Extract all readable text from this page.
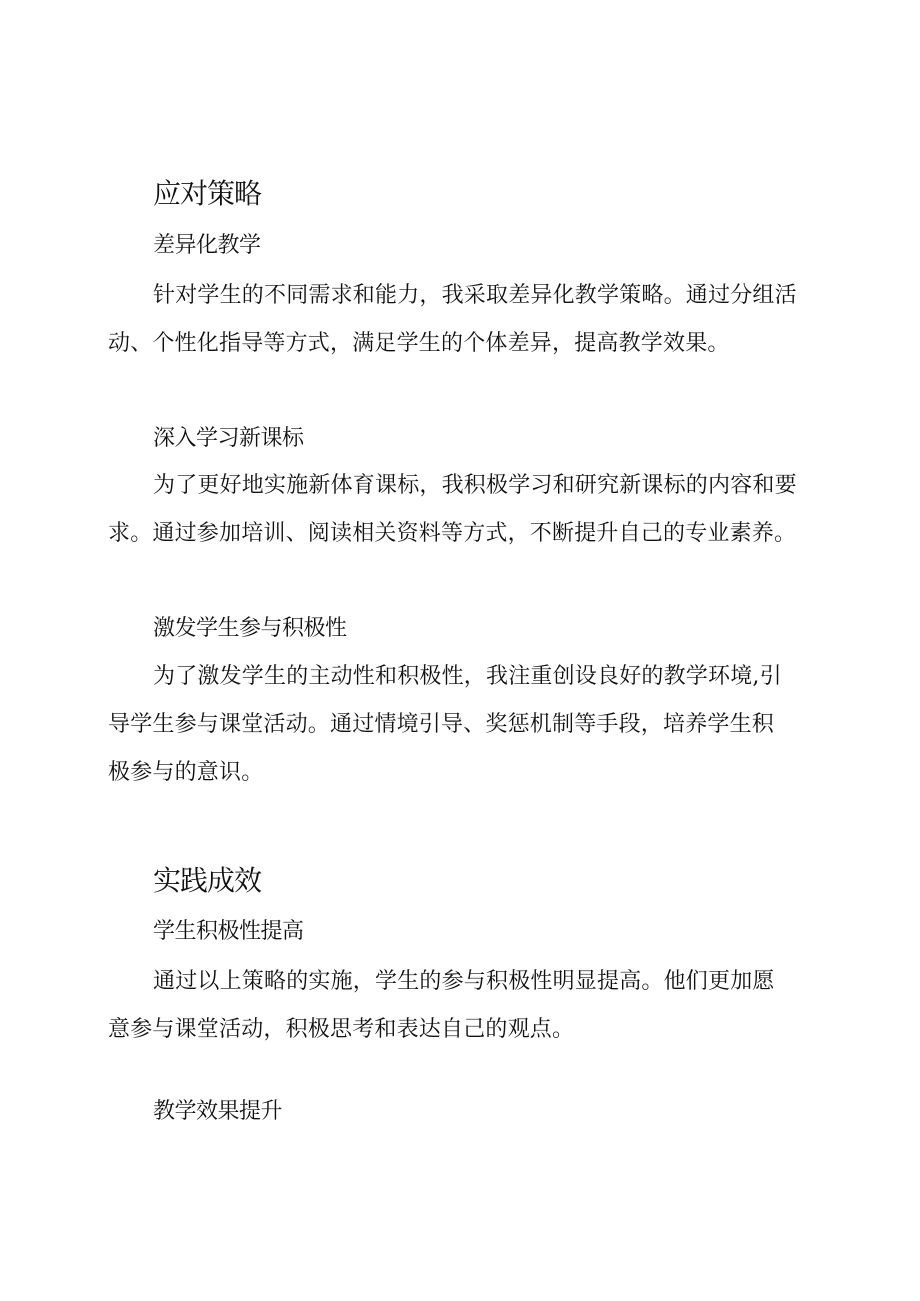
应对策略
差异化教学
针对学生的不同需求和能力，我采取差异化教学策略。通过分组活
动、个性化指导等方式，满足学生的个体差异，提高教学效果。
深入学习新课标
为了更好地实施新体育课标，我积极学习和研究新课标的内容和要
求。通过参加培训、阅读相关资料等方式，不断提升自己的专业素养。
激发学生参与积极性
为了激发学生的主动性和积极性，我注重创设良好的教学环境,引
导学生参与课堂活动。通过情境引导、奖惩机制等手段，培养学生积
极参与的意识。
实践成效
学生积极性提高
通过以上策略的实施，学生的参与积极性明显提高。他们更加愿
意参与课堂活动，积极思考和表达自己的观点。
教学效果提升
